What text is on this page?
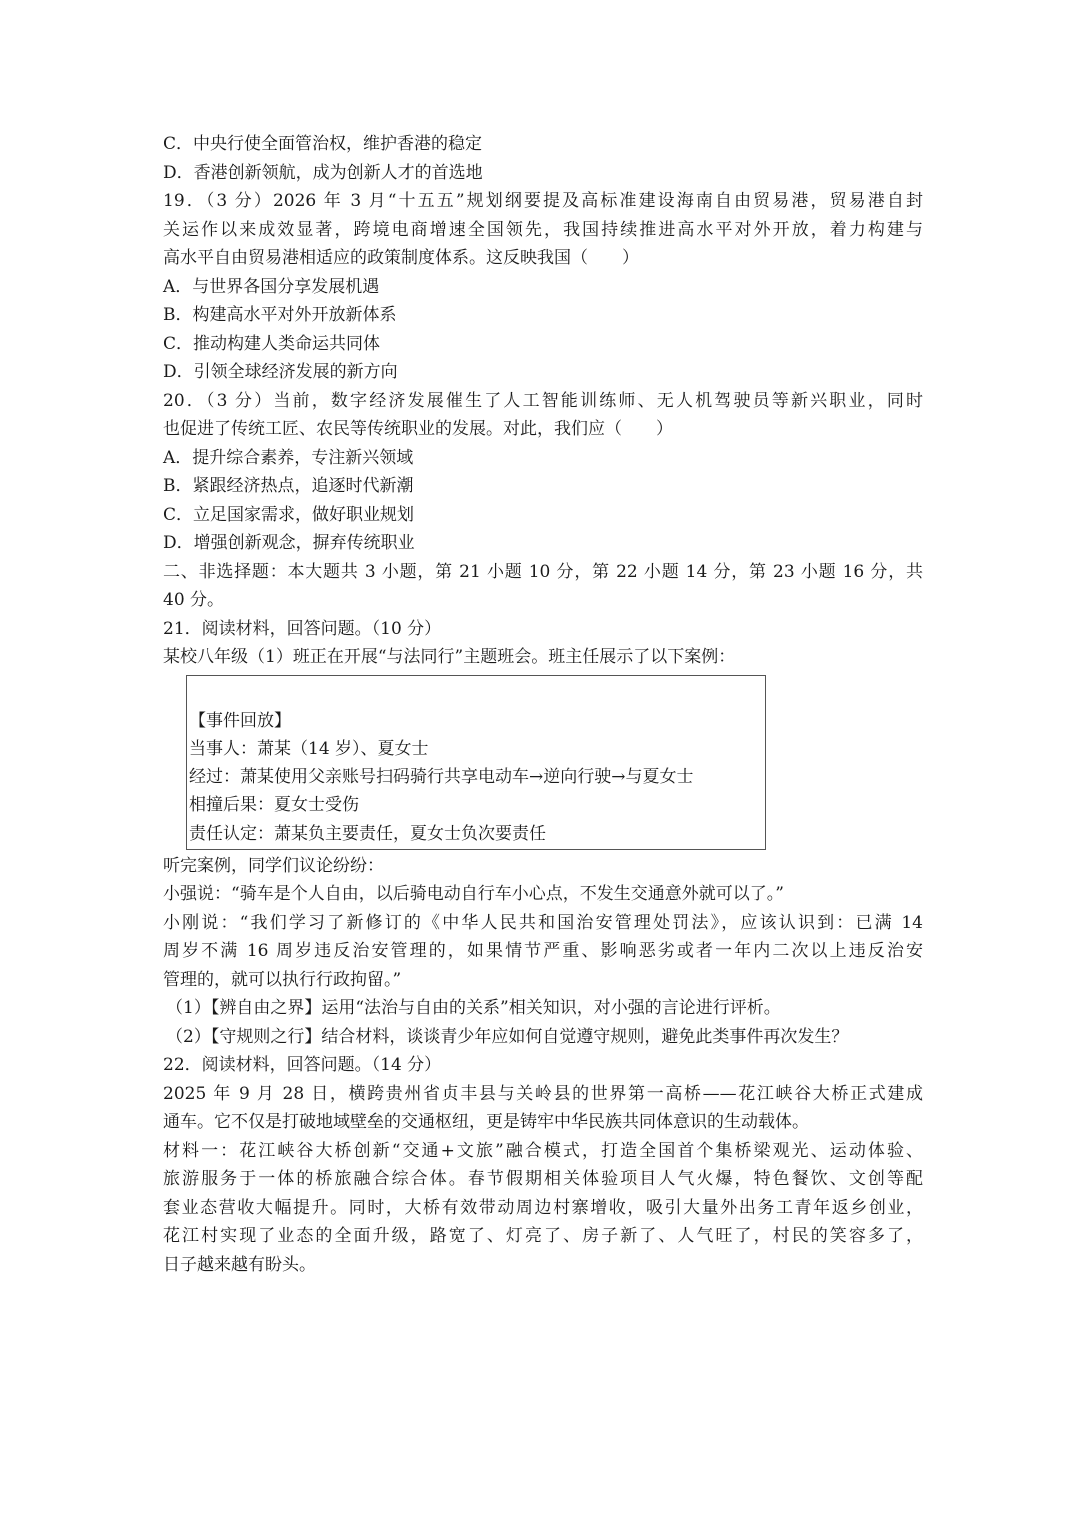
C．中央行使全面管治权，维护香港的稳定
D．香港创新领航，成为创新人才的首选地
19．（3 分）2026 年 3 月“十五五”规划纲要提及高标准建设海南自由贸易港，贸易港自封
关运作以来成效显著，跨境电商增速全国领先，我国持续推进高水平对外开放，着力构建与
高水平自由贸易港相适应的政策制度体系。这反映我国（　　）
A．与世界各国分享发展机遇
B．构建高水平对外开放新体系
C．推动构建人类命运共同体
D．引领全球经济发展的新方向
20．（3 分）当前，数字经济发展催生了人工智能训练师、无人机驾驶员等新兴职业，同时
也促进了传统工匠、农民等传统职业的发展。对此，我们应（　　）
A．提升综合素养，专注新兴领域
B．紧跟经济热点，追逐时代新潮
C．立足国家需求，做好职业规划
D．增强创新观念，摒弃传统职业
二、非选择题：本大题共 3 小题，第 21 小题 10 分，第 22 小题 14 分，第 23 小题 16 分，共
40 分。
21．阅读材料，回答问题。（10 分）
某校八年级（1）班正在开展“与法同行”主题班会。班主任展示了以下案例：
【事件回放】
当事人：萧某（14 岁）、夏女士
经过：萧某使用父亲账号扫码骑行共享电动车→逆向行驶→与夏女士
相撞后果：夏女士受伤
责任认定：萧某负主要责任，夏女士负次要责任
听完案例，同学们议论纷纷：
小强说：“骑车是个人自由，以后骑电动自行车小心点，不发生交通意外就可以了。”
小刚说：“我们学习了新修订的《中华人民共和国治安管理处罚法》，应该认识到：已满 14
周岁不满 16 周岁违反治安管理的，如果情节严重、影响恶劣或者一年内二次以上违反治安
管理的，就可以执行行政拘留。”
（1）【辨自由之界】运用“法治与自由的关系”相关知识，对小强的言论进行评析。
（2）【守规则之行】结合材料，谈谈青少年应如何自觉遵守规则，避免此类事件再次发生？
22．阅读材料，回答问题。（14 分）
2025 年 9 月 28 日，横跨贵州省贞丰县与关岭县的世界第一高桥——花江峡谷大桥正式建成
通车。它不仅是打破地域壁垒的交通枢纽，更是铸牢中华民族共同体意识的生动载体。
材料一：花江峡谷大桥创新“交通+文旅”融合模式，打造全国首个集桥梁观光、运动体验、
旅游服务于一体的桥旅融合综合体。春节假期相关体验项目人气火爆，特色餐饮、文创等配
套业态营收大幅提升。同时，大桥有效带动周边村寨增收，吸引大量外出务工青年返乡创业，
花江村实现了业态的全面升级，路宽了、灯亮了、房子新了、人气旺了，村民的笑容多了，
日子越来越有盼头。
